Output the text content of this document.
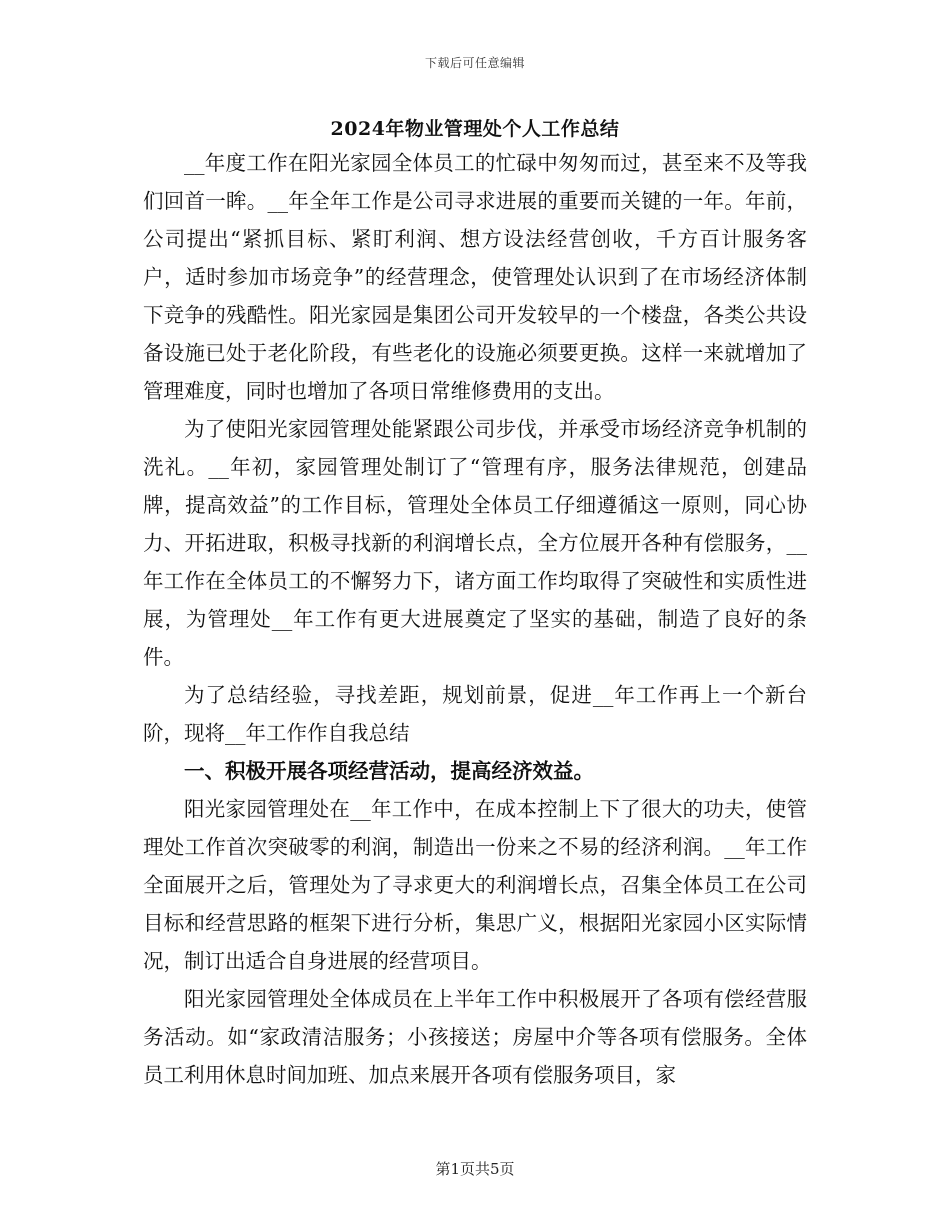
下载后可任意编辑
2024年物业管理处个人工作总结

__年度工作在阳光家园全体员工的忙碌中匆匆而过，甚至来不及等我们回首一眸。__年全年工作是公司寻求进展的重要而关键的一年。年前，公司提出“紧抓目标、紧盯利润、想方设法经营创收，千方百计服务客户，适时参加市场竞争”的经营理念，使管理处认识到了在市场经济体制下竞争的残酷性。阳光家园是集团公司开发较早的一个楼盘，各类公共设备设施已处于老化阶段，有些老化的设施必须要更换。这样一来就增加了管理难度，同时也增加了各项日常维修费用的支出。

为了使阳光家园管理处能紧跟公司步伐，并承受市场经济竞争机制的洗礼。__年初，家园管理处制订了“管理有序，服务法律规范，创建品牌，提高效益”的工作目标，管理处全体员工仔细遵循这一原则，同心协力、开拓进取，积极寻找新的利润增长点，全方位展开各种有偿服务，__年工作在全体员工的不懈努力下，诸方面工作均取得了突破性和实质性进展，为管理处__年工作有更大进展奠定了坚实的基础，制造了良好的条件。

为了总结经验，寻找差距，规划前景，促进__年工作再上一个新台阶，现将__年工作作自我总结

一、积极开展各项经营活动，提高经济效益。

阳光家园管理处在__年工作中，在成本控制上下了很大的功夫，使管理处工作首次突破零的利润，制造出一份来之不易的经济利润。__年工作全面展开之后，管理处为了寻求更大的利润增长点，召集全体员工在公司目标和经营思路的框架下进行分析，集思广义，根据阳光家园小区实际情况，制订出适合自身进展的经营项目。

阳光家园管理处全体成员在上半年工作中积极展开了各项有偿经营服务活动。如“家政清洁服务；小孩接送；房屋中介等各项有偿服务。全体员工利用休息时间加班、加点来展开各项有偿服务项目，家

第1页共5页
